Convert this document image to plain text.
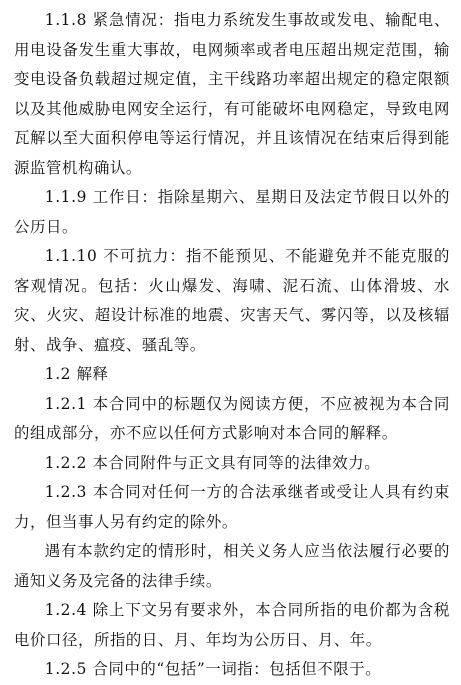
1.1.8 紧急情况：指电力系统发生事故或发电、输配电、用电设备发生重大事故，电网频率或者电压超出规定范围，输变电设备负载超过规定值，主干线路功率超出规定的稳定限额以及其他威胁电网安全运行，有可能破坏电网稳定，导致电网瓦解以至大面积停电等运行情况，并且该情况在结束后得到能源监管机构确认。

1.1.9 工作日：指除星期六、星期日及法定节假日以外的公历日。

1.1.10 不可抗力：指不能预见、不能避免并不能克服的客观情况。包括：火山爆发、海啸、泥石流、山体滑坡、水灾、火灾、超设计标准的地震、灾害天气、雾闪等，以及核辐射、战争、瘟疫、骚乱等。

1.2 解释

1.2.1 本合同中的标题仅为阅读方便，不应被视为本合同的组成部分，亦不应以任何方式影响对本合同的解释。

1.2.2 本合同附件与正文具有同等的法律效力。

1.2.3 本合同对任何一方的合法承继者或受让人具有约束力，但当事人另有约定的除外。

遇有本款约定的情形时，相关义务人应当依法履行必要的通知义务及完备的法律手续。

1.2.4 除上下文另有要求外，本合同所指的电价都为含税电价口径，所指的日、月、年均为公历日、月、年。

1.2.5 合同中的“包括”一词指：包括但不限于。
